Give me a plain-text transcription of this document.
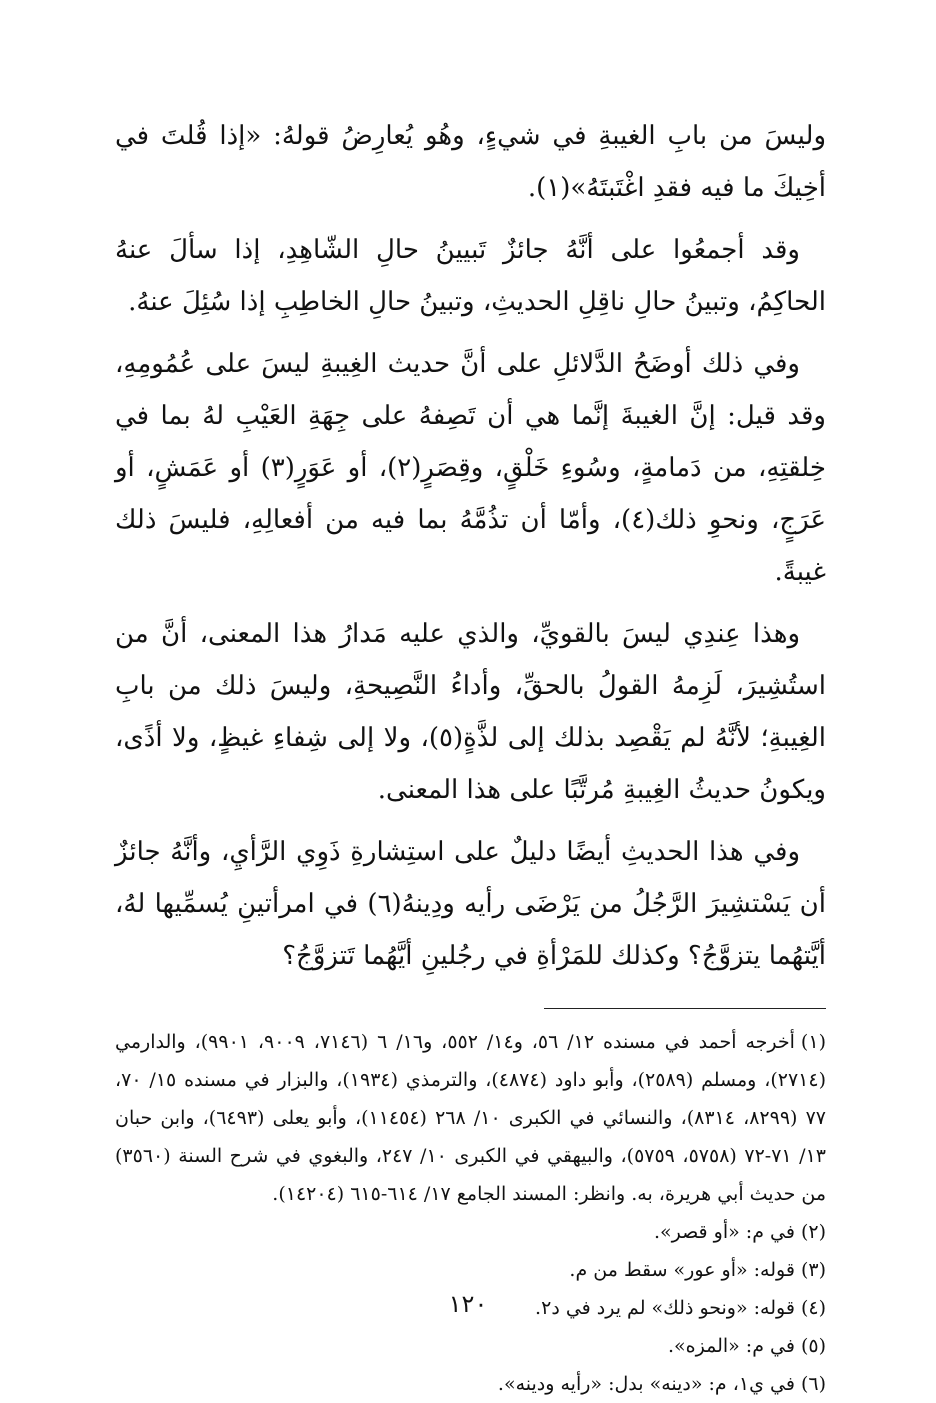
وليسَ من بابِ الغيبةِ في شيءٍ، وهُو يُعارِضُ قولهُ: «إذا قُلتَ في أخِيكَ ما فيه فقدِ اغْتَبتَهُ»(١).

وقد أجمعُوا على أنَّهُ جائزٌ تَبيينُ حالِ الشّاهِدِ، إذا سألَ عنهُ الحاكِمُ، وتبينُ حالِ ناقِلِ الحديثِ، وتبينُ حالِ الخاطِبِ إذا سُئِلَ عنهُ.

وفي ذلك أوضَحُ الدَّلائلِ على أنَّ حديث الغِيبةِ ليسَ على عُمُومِهِ، وقد قيل: إنَّ الغيبةَ إنَّما هي أن تَصِفهُ على جِهَةِ العَيْبِ لهُ بما في خِلقتِهِ، من دَمامةٍ، وسُوءِ خَلْقٍ، وقِصَرٍ(٢)، أو عَوَرٍ(٣) أو عَمَشٍ، أو عَرَجٍ، ونحوِ ذلك(٤)، وأمّا أن تذُمَّهُ بما فيه من أفعالِهِ، فليسَ ذلك غيبةً.

وهذا عِندِي ليسَ بالقويِّ، والذي عليه مَدارُ هذا المعنى، أنَّ من استُشِيرَ، لَزِمهُ القولُ بالحقِّ، وأداءُ النَّصِيحةِ، وليسَ ذلك من بابِ الغِيبةِ؛ لأنَّهُ لم يَقْصِد بذلك إلى لذَّةٍ(٥)، ولا إلى شِفاءِ غيظٍ، ولا أذًى، ويكونُ حديثُ الغِيبةِ مُرتَّبًا على هذا المعنى.

وفي هذا الحديثِ أيضًا دليلٌ على استِشارةِ ذَوِي الرَّأيِ، وأنَّهُ جائزٌ أن يَسْتشِيرَ الرَّجُلُ من يَرْضَى رأيه ودِينهُ(٦) في امرأتينِ يُسمِّيها لهُ، أيَّتهُما يتزوَّجُ؟ وكذلك للمَرْأةِ في رجُلينِ أيَّهُما تَتزوَّجُ؟

(١)أخرجه أحمد في مسنده ١٢/ ٥٦، و١٤/ ٥٥٢، و١٦/ ٦ (٧١٤٦، ٩٠٠٩، ٩٩٠١)، والدارمي (٢٧١٤)، ومسلم (٢٥٨٩)، وأبو داود (٤٨٧٤)، والترمذي (١٩٣٤)، والبزار في مسنده ١٥/ ٧٠، ٧٧ (٨٢٩٩، ٨٣١٤)، والنسائي في الكبرى ١٠/ ٢٦٨ (١١٤٥٤)، وأبو يعلى (٦٤٩٣)، وابن حبان ١٣/ ٧١-٧٢ (٥٧٥٨، ٥٧٥٩)، والبيهقي في الكبرى ١٠/ ٢٤٧، والبغوي في شرح السنة (٣٥٦٠) من حديث أبي هريرة، به. وانظر: المسند الجامع ١٧/ ٦١٤-٦١٥ (١٤٢٠٤).

(٢)في م: «أو قصر».

(٣)قوله: «أو عور» سقط من م.

(٤)قوله: «ونحو ذلك» لم يرد في د٢.

(٥)في م: «المزه».

(٦)في ي١، م: «دينه» بدل: «رأيه ودينه».

١٢٠
